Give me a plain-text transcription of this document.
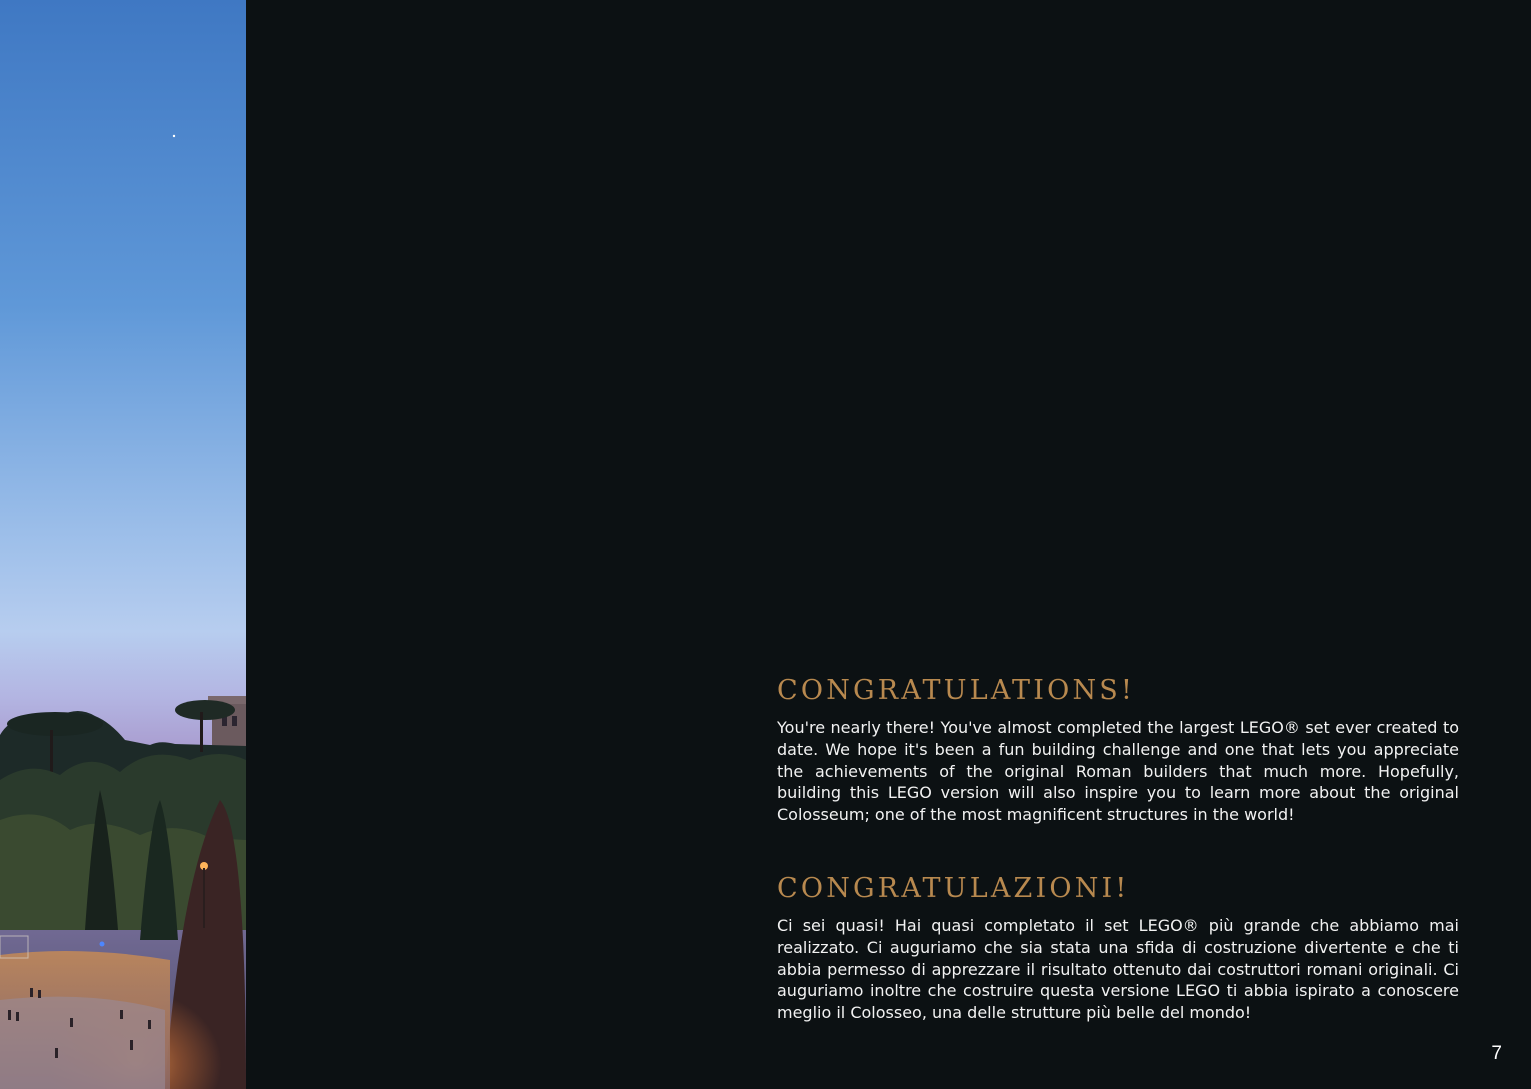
CONGRATULATIONS!

You're nearly there! You've almost completed the largest LEGO® set ever created to date. We hope it's been a fun building challenge and one that lets you appreciate the achievements of the original Roman builders that much more. Hopefully, building this LEGO version will also inspire you to learn more about the original Colosseum; one of the most magnificent structures in the world!

CONGRATULAZIONI!

Ci sei quasi! Hai quasi completato il set LEGO® più grande che abbiamo mai realizzato. Ci auguriamo che sia stata una sfida di costruzione divertente e che ti abbia permesso di apprezzare il risultato ottenuto dai costruttori romani originali. Ci auguriamo inoltre che costruire questa versione LEGO ti abbia ispirato a conoscere meglio il Colosseo, una delle strutture più belle del mondo!

7
